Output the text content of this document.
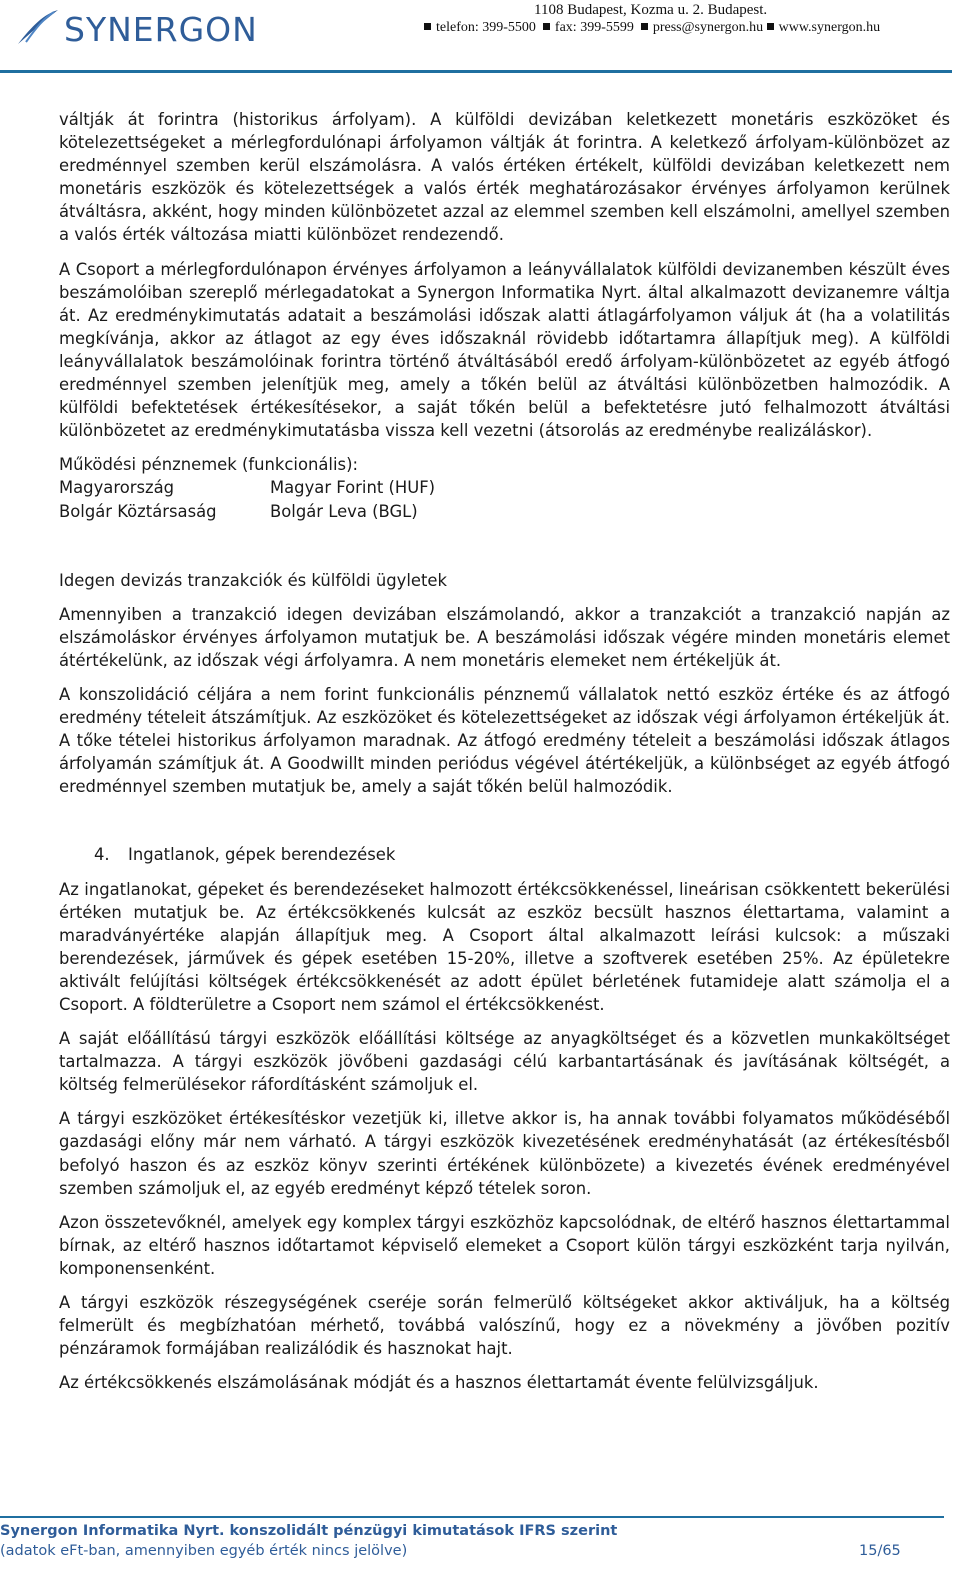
SYNERGON	1108 Budapest, Kozma u. 2. Budapest.
telefon: 399-5500 fax: 399-5599 press@synergon.hu www.synergon.hu

váltják át forintra (historikus árfolyam). A külföldi devizában keletkezett monetáris eszközöket és kötelezettségeket a mérlegfordulónapi árfolyamon váltják át forintra. A keletkező árfolyam-különbözet az eredménnyel szemben kerül elszámolásra. A valós értéken értékelt, külföldi devizában keletkezett nem monetáris eszközök és kötelezettségek a valós érték meghatározásakor érvényes árfolyamon kerülnek átváltásra, akként, hogy minden különbözetet azzal az elemmel szemben kell elszámolni, amellyel szemben a valós érték változása miatti különbözet rendezendő.

A Csoport a mérlegfordulónapon érvényes árfolyamon a leányvállalatok külföldi devizanemben készült éves beszámolóiban szereplő mérlegadatokat a Synergon Informatika Nyrt. által alkalmazott devizanemre váltja át. Az eredménykimutatás adatait a beszámolási időszak alatti átlagárfolyamon váljuk át (ha a volatilitás megkívánja, akkor az átlagot az egy éves időszaknál rövidebb időtartamra állapítjuk meg). A külföldi leányvállalatok beszámolóinak forintra történő átváltásából eredő árfolyam-különbözetet az egyéb átfogó eredménnyel szemben jelenítjük meg, amely a tőkén belül az átváltási különbözetben halmozódik. A külföldi befektetések értékesítésekor, a saját tőkén belül a befektetésre jutó felhalmozott átváltási különbözetet az eredménykimutatásba vissza kell vezetni (átsorolás az eredménybe realizáláskor).

Működési pénznemek (funkcionális):
Magyarország	Magyar Forint (HUF)
Bolgár Köztársaság	Bolgár Leva (BGL)
Idegen devizás tranzakciók és külföldi ügyletek

Amennyiben a tranzakció idegen devizában elszámolandó, akkor a tranzakciót a tranzakció napján az elszámoláskor érvényes árfolyamon mutatjuk be. A beszámolási időszak végére minden monetáris elemet átértékelünk, az időszak végi árfolyamra. A nem monetáris elemeket nem értékeljük át.

A konszolidáció céljára a nem forint funkcionális pénznemű vállalatok nettó eszköz értéke és az átfogó eredmény tételeit átszámítjuk. Az eszközöket és kötelezettségeket az időszak végi árfolyamon értékeljük át. A tőke tételei historikus árfolyamon maradnak. Az átfogó eredmény tételeit a beszámolási időszak átlagos árfolyamán számítjuk át. A Goodwillt minden periódus végével átértékeljük, a különbséget az egyéb átfogó eredménnyel szemben mutatjuk be, amely a saját tőkén belül halmozódik.

4. Ingatlanok, gépek berendezések

Az ingatlanokat, gépeket és berendezéseket halmozott értékcsökkenéssel, lineárisan csökkentett bekerülési értéken mutatjuk be. Az értékcsökkenés kulcsát az eszköz becsült hasznos élettartama, valamint a maradványértéke alapján állapítjuk meg. A Csoport által alkalmazott leírási kulcsok: a műszaki berendezések, járművek és gépek esetében 15-20%, illetve a szoftverek esetében 25%. Az épületekre aktivált felújítási költségek értékcsökkenését az adott épület bérletének futamideje alatt számolja el a Csoport. A földterületre a Csoport nem számol el értékcsökkenést.

A saját előállítású tárgyi eszközök előállítási költsége az anyagköltséget és a közvetlen munkaköltséget tartalmazza. A tárgyi eszközök jövőbeni gazdasági célú karbantartásának és javításának költségét, a költség felmerülésekor ráfordításként számoljuk el.

A tárgyi eszközöket értékesítéskor vezetjük ki, illetve akkor is, ha annak további folyamatos működéséből gazdasági előny már nem várható. A tárgyi eszközök kivezetésének eredményhatását (az értékesítésből befolyó haszon és az eszköz könyv szerinti értékének különbözete) a kivezetés évének eredményével szemben számoljuk el, az egyéb eredményt képző tételek soron.

Azon összetevőknél, amelyek egy komplex tárgyi eszközhöz kapcsolódnak, de eltérő hasznos élettartammal bírnak, az eltérő hasznos időtartamot képviselő elemeket a Csoport külön tárgyi eszközként tarja nyilván, komponensenként.

A tárgyi eszközök részegységének cseréje során felmerülő költségeket akkor aktiváljuk, ha a költség felmerült és megbízhatóan mérhető, továbbá valószínű, hogy ez a növekmény a jövőben pozitív pénzáramok formájában realizálódik és hasznokat hajt.

Az értékcsökkenés elszámolásának módját és a hasznos élettartamát évente felülvizsgáljuk.

Synergon Informatika Nyrt. konszolidált pénzügyi kimutatások IFRS szerint
(adatok eFt-ban, amennyiben egyéb érték nincs jelölve)	15/65
